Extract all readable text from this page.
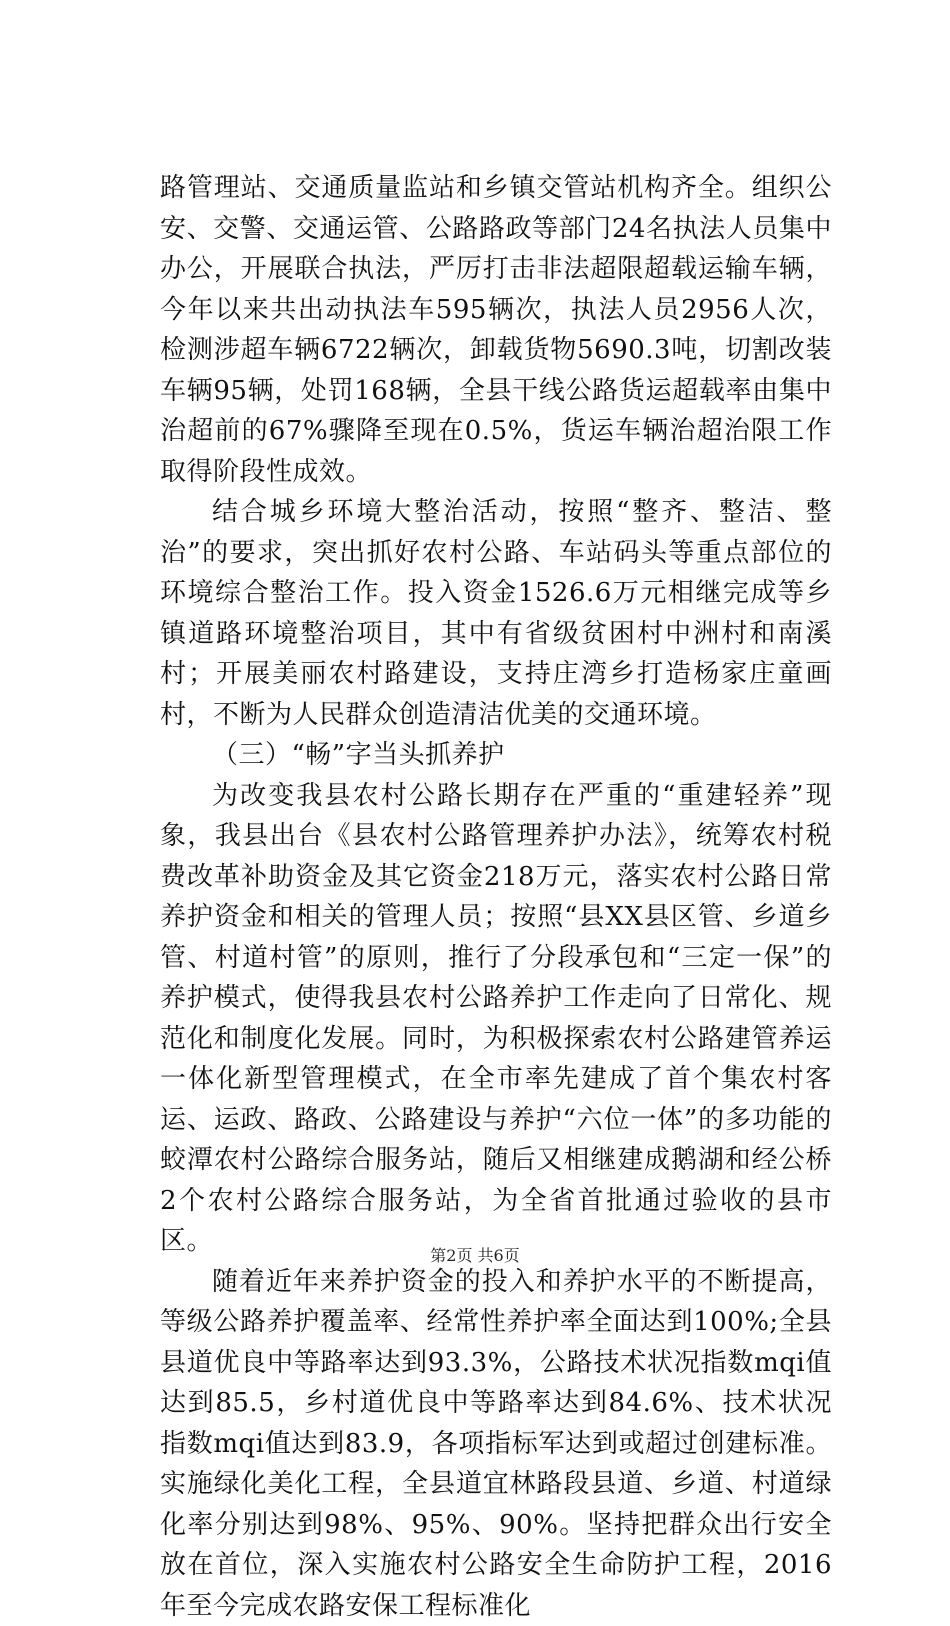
路管理站、交通质量监站和乡镇交管站机构齐全。组织公安、交警、交通运管、公路路政等部门24名执法人员集中办公，开展联合执法，严厉打击非法超限超载运输车辆，今年以来共出动执法车595辆次，执法人员2956人次，检测涉超车辆6722辆次，卸载货物5690.3吨，切割改装车辆95辆，处罚168辆，全县干线公路货运超载率由集中治超前的67%骤降至现在0.5%，货运车辆治超治限工作取得阶段性成效。

结合城乡环境大整治活动，按照“整齐、整洁、整治”的要求，突出抓好农村公路、车站码头等重点部位的环境综合整治工作。投入资金1526.6万元相继完成等乡镇道路环境整治项目，其中有省级贫困村中洲村和南溪村；开展美丽农村路建设，支持庄湾乡打造杨家庄童画村，不断为人民群众创造清洁优美的交通环境。

（三）“畅”字当头抓养护

为改变我县农村公路长期存在严重的“重建轻养”现象，我县出台《县农村公路管理养护办法》，统筹农村税费改革补助资金及其它资金218万元，落实农村公路日常养护资金和相关的管理人员；按照“县XX县区管、乡道乡管、村道村管”的原则，推行了分段承包和“三定一保”的养护模式，使得我县农村公路养护工作走向了日常化、规范化和制度化发展。同时，为积极探索农村公路建管养运一体化新型管理模式，在全市率先建成了首个集农村客运、运政、路政、公路建设与养护“六位一体”的多功能的蛟潭农村公路综合服务站，随后又相继建成鹅湖和经公桥2个农村公路综合服务站，为全省首批通过验收的县市区。

随着近年来养护资金的投入和养护水平的不断提高，等级公路养护覆盖率、经常性养护率全面达到100%;全县县道优良中等路率达到93.3%，公路技术状况指数mqi值达到85.5，乡村道优良中等路率达到84.6%、技术状况指数mqi值达到83.9，各项指标军达到或超过创建标准。实施绿化美化工程，全县道宜林路段县道、乡道、村道绿化率分别达到98%、95%、90%。坚持把群众出行安全放在首位，深入实施农村公路安全生命防护工程，2016年至今完成农路安保工程标准化

第2页 共6页
